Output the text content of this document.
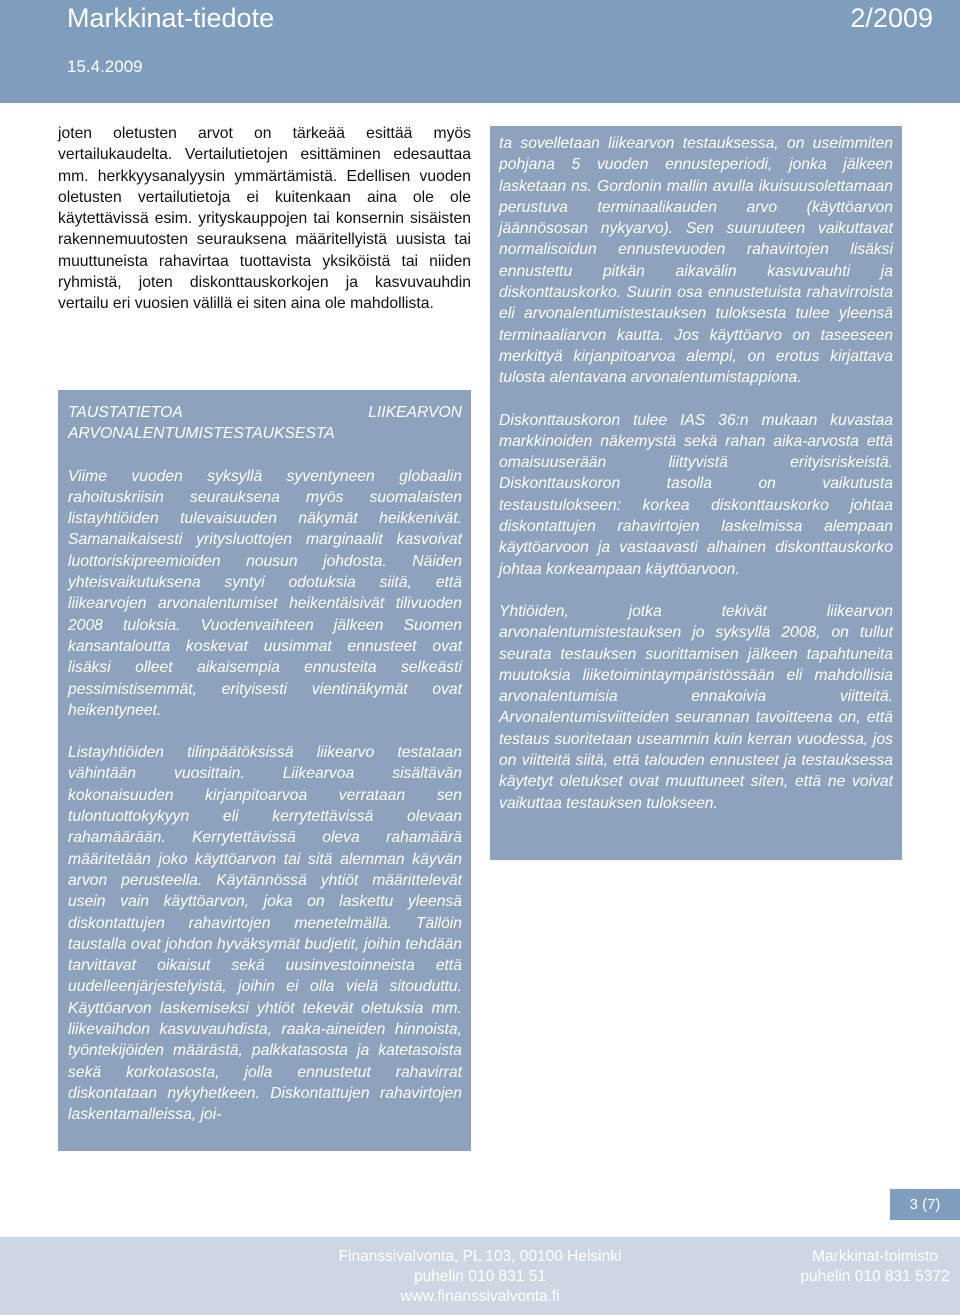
Markkinat-tiedote	2/2009
15.4.2009
joten oletusten arvot on tärkeää esittää myös vertailukaudelta. Vertailutietojen esittäminen edesauttaa mm. herkkyysanalyysin ymmärtämistä. Edellisen vuoden oletusten vertailutietoja ei kuitenkaan aina ole ole käytettävissä esim. yrityskauppojen tai konsernin sisäisten rakennemuutosten seurauksena määritellyistä uusista tai muuttuneista rahavirtaa tuottavista yksiköistä tai niiden ryhmistä, joten diskonttauskorkojen ja kasvuvauhdin vertailu eri vuosien välillä ei siten aina ole mahdollista.

TAUSTATIETOA LIIKEARVON ARVONALENTUMISTESTAUKSESTA

Viime vuoden syksyllä syventyneen globaalin rahoituskriisin seurauksena myös suomalaisten listayhtiöiden tulevaisuuden näkymät heikkenivät. Samanaikaisesti yritysluottojen marginaalit kasvoivat luottoriskipreemioiden nousun johdosta. Näiden yhteisvaikutuksena syntyi odotuksia siitä, että liikearvojen arvonalentumiset heikentäisivät tilivuoden 2008 tuloksia. Vuodenvaihteen jälkeen Suomen kansantaloutta koskevat uusimmat ennusteet ovat lisäksi olleet aikaisempia ennusteita selkeästi pessimistisemmät, erityisesti vientinäkymät ovat heikentyneet.

Listayhtiöiden tilinpäätöksissä liikearvo testataan vähintään vuosittain. Liikearvoa sisältävän kokonaisuuden kirjanpitoarvoa verrataan sen tulontuottokykyyn eli kerrytettävissä olevaan rahamäärään. Kerrytettävissä oleva rahamäärä määritetään joko käyttöarvon tai sitä alemman käyvän arvon perusteella. Käytännössä yhtiöt määrittelevät usein vain käyttöarvon, joka on laskettu yleensä diskontattujen rahavirtojen menetelmällä. Tällöin taustalla ovat johdon hyväksymät budjetit, joihin tehdään tarvittavat oikaisut sekä uusinvestoinneista että uudelleenjärjestelyistä, joihin ei olla vielä sitouduttu. Käyttöarvon laskemiseksi yhtiöt tekevät oletuksia mm. liikevaihdon kasvuvauhdista, raaka-aineiden hinnoista, työntekijöiden määrästä, palkkatasosta ja katetasoista sekä korkotasosta, jolla ennustetut rahavirrat diskontataan nykyhetkeen. Diskontattujen rahavirtojen laskentamalleissa, joi-

ta sovelletaan liikearvon testauksessa, on useimmiten pohjana 5 vuoden ennusteperiodi, jonka jälkeen lasketaan ns. Gordonin mallin avulla ikuisuusolettamaan perustuva terminaalikauden arvo (käyttöarvon jäännösosan nykyarvo). Sen suuruuteen vaikuttavat normalisoidun ennustevuoden rahavirtojen lisäksi ennustettu pitkän aikavälin kasvuvauhti ja diskonttauskorko. Suurin osa ennustetuista rahavirroista eli arvonalentumistestauksen tuloksesta tulee yleensä terminaaliarvon kautta. Jos käyttöarvo on taseeseen merkittyä kirjanpitoarvoa alempi, on erotus kirjattava tulosta alentavana arvonalentumistappiona.

Diskonttauskoron tulee IAS 36:n mukaan kuvastaa markkinoiden näkemystä sekä rahan aika-arvosta että omaisuuserään liittyvistä erityisriskeistä. Diskonttauskoron tasolla on vaikutusta testaustulokseen: korkea diskonttauskorko johtaa diskontattujen rahavirtojen laskelmissa alempaan käyttöarvoon ja vastaavasti alhainen diskonttauskorko johtaa korkeampaan käyttöarvoon.

Yhtiöiden, jotka tekivät liikearvon arvonalentumistestauksen jo syksyllä 2008, on tullut seurata testauksen suorittamisen jälkeen tapahtuneita muutoksia liiketoimintaympäristössään eli mahdollisia arvonalentumisia ennakoivia viitteitä. Arvonalentumisviitteiden seurannan tavoitteena on, että testaus suoritetaan useammin kuin kerran vuodessa, jos on viitteitä siitä, että talouden ennusteet ja testauksessa käytetyt oletukset ovat muuttuneet siten, että ne voivat vaikuttaa testauksen tulokseen.

3 (7)
Finanssivalvonta, PL 103, 00100 Helsinki
puhelin 010 831 51
www.finanssivalvonta.fi
Markkinat-toimisto
puhelin 010 831 5372
